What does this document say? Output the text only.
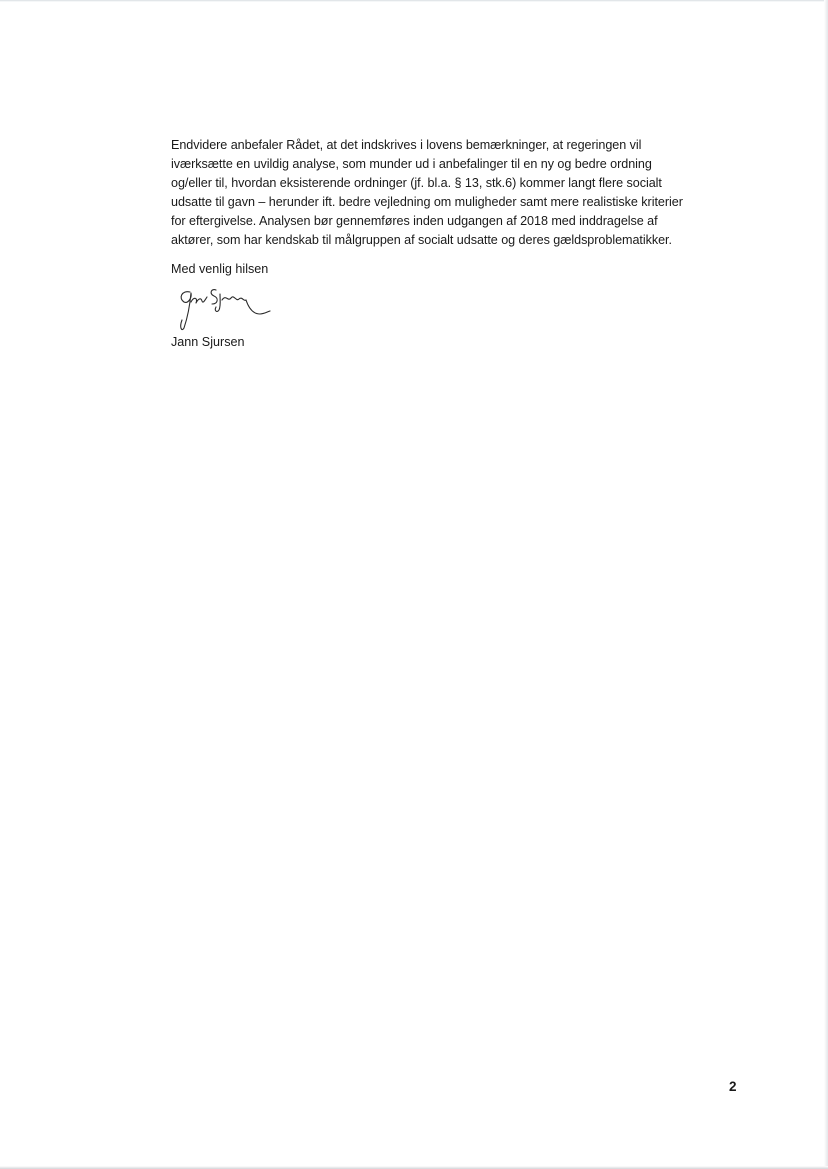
Endvidere anbefaler Rådet, at det indskrives i lovens bemærkninger, at regeringen vil
iværksætte en uvildig analyse, som munder ud i anbefalinger til en ny og bedre ordning
og/eller til, hvordan eksisterende ordninger (jf. bl.a. § 13, stk.6) kommer langt flere socialt
udsatte til gavn – herunder ift. bedre vejledning om muligheder samt mere realistiske kriterier
for eftergivelse. Analysen bør gennemføres inden udgangen af 2018 med inddragelse af
aktører, som har kendskab til målgruppen af socialt udsatte og deres gældsproblematikker.

Med venlig hilsen

Jann Sjursen

2
